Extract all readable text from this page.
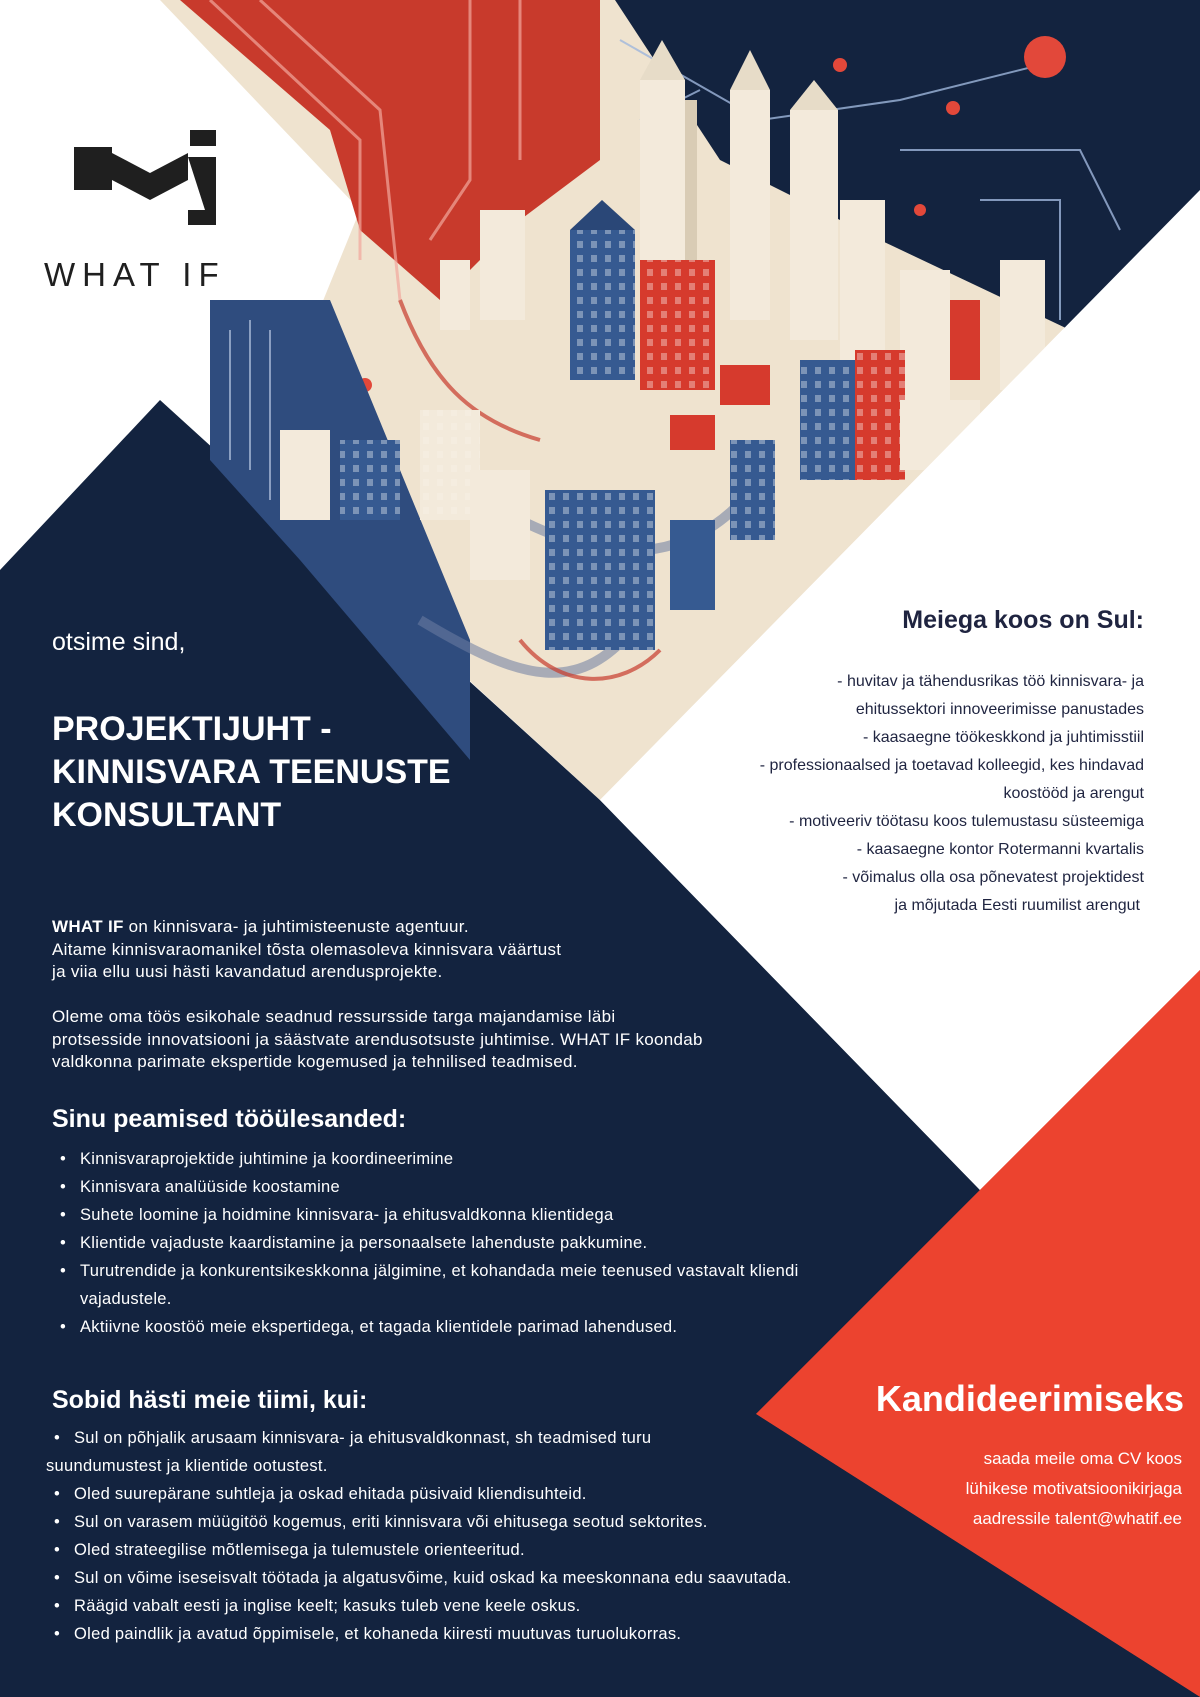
WHAT IF
otsime sind,
PROJEKTIJUHT -
KINNISVARA TEENUSTE
KONSULTANT
WHAT IF on kinnisvara- ja juhtimisteenuste agentuur.
Aitame kinnisvaraomanikel tõsta olemasoleva kinnisvara väärtust
ja viia ellu uusi hästi kavandatud arendusprojekte.
Oleme oma töös esikohale seadnud ressursside targa majandamise läbi
protsesside innovatsiooni ja säästvate arendusotsuste juhtimise. WHAT IF koondab
valdkonna parimate ekspertide kogemused ja tehnilised teadmised.
Sinu peamised tööülesanded:
• Kinnisvaraprojektide juhtimine ja koordineerimine
• Kinnisvara analüüside koostamine
• Suhete loomine ja hoidmine kinnisvara- ja ehitusvaldkonna klientidega
• Klientide vajaduste kaardistamine ja personaalsete lahenduste pakkumine.
• Turutrendide ja konkurentsikeskkonna jälgimine, et kohandada meie teenused vastavalt kliendi vajadustele.
• Aktiivne koostöö meie ekspertidega, et tagada klientidele parimad lahendused.
Sobid hästi meie tiimi, kui:
• Sul on põhjalik arusaam kinnisvara- ja ehitusvaldkonnast, sh teadmised turu
suundumustest ja klientide ootustest.
• Oled suurepärane suhtleja ja oskad ehitada püsivaid kliendisuhteid.
• Sul on varasem müügitöö kogemus, eriti kinnisvara või ehitusega seotud sektorites.
• Oled strateegilise mõtlemisega ja tulemustele orienteeritud.
• Sul on võime iseseisvalt töötada ja algatusvõime, kuid oskad ka meeskonnana edu saavutada.
• Räägid vabalt eesti ja inglise keelt; kasuks tuleb vene keele oskus.
• Oled paindlik ja avatud õppimisele, et kohaneda kiiresti muutuvas turuolukorras.
Meiega koos on Sul:
- huvitav ja tähendusrikas töö kinnisvara- ja
ehitussektori innoveerimisse panustades
- kaasaegne töökeskkond ja juhtimisstiil
- professionaalsed ja toetavad kolleegid, kes hindavad
koostööd ja arengut
- motiveeriv töötasu koos tulemustasu süsteemiga
- kaasaegne kontor Rotermanni kvartalis
- võimalus olla osa põnevatest projektidest
ja mõjutada Eesti ruumilist arengut
Kandideerimiseks
saada meile oma CV koos
lühikese motivatsioonikirjaga
aadressile talent@whatif.ee
